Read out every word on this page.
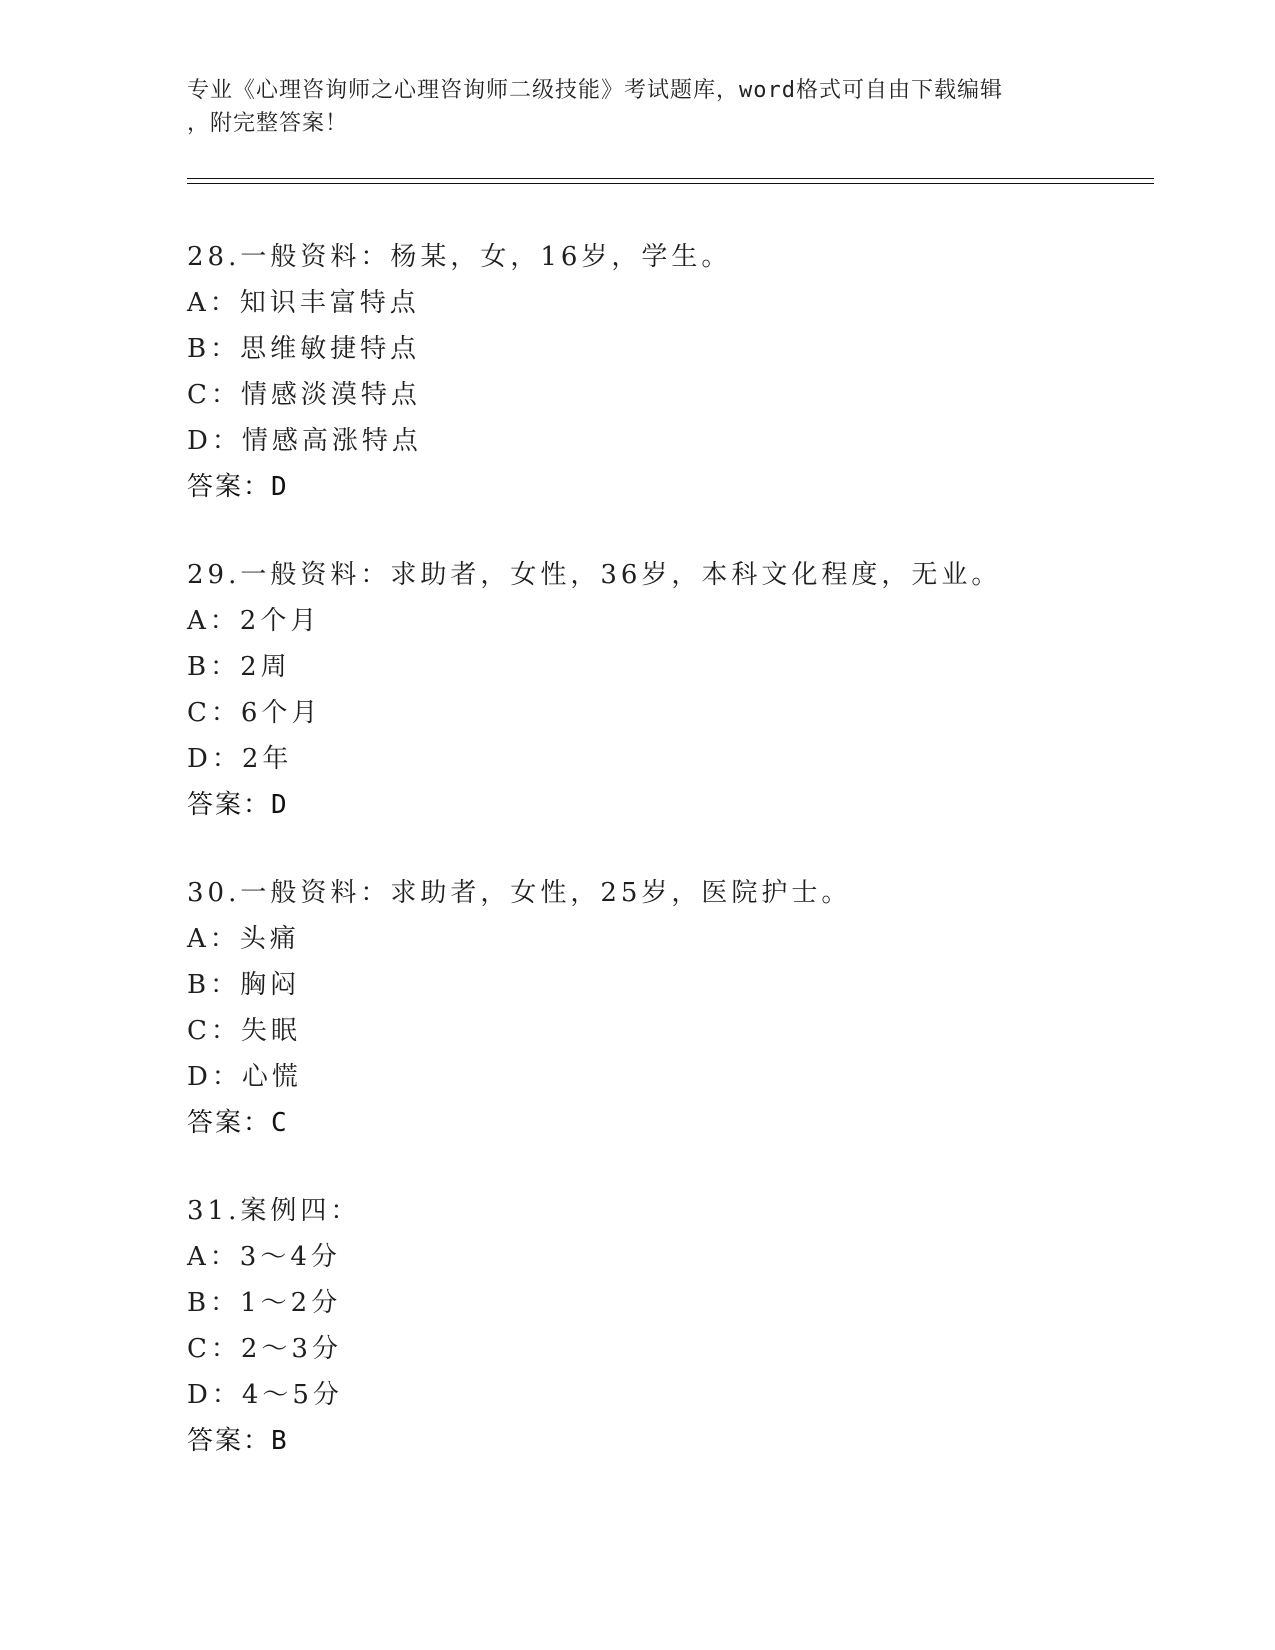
专业《心理咨询师之心理咨询师二级技能》考试题库，word格式可自由下载编辑
，附完整答案！
28.一般资料：杨某，女，16岁，学生。
A：知识丰富特点
B：思维敏捷特点
C：情感淡漠特点
D：情感高涨特点
答案：D
29.一般资料：求助者，女性，36岁，本科文化程度，无业。
A：2个月
B：2周
C：6个月
D：2年
答案：D
30.一般资料：求助者，女性，25岁，医院护士。
A：头痛
B：胸闷
C：失眠
D：心慌
答案：C
31.案例四：
A：3～4分
B：1～2分
C：2～3分
D：4～5分
答案：B
